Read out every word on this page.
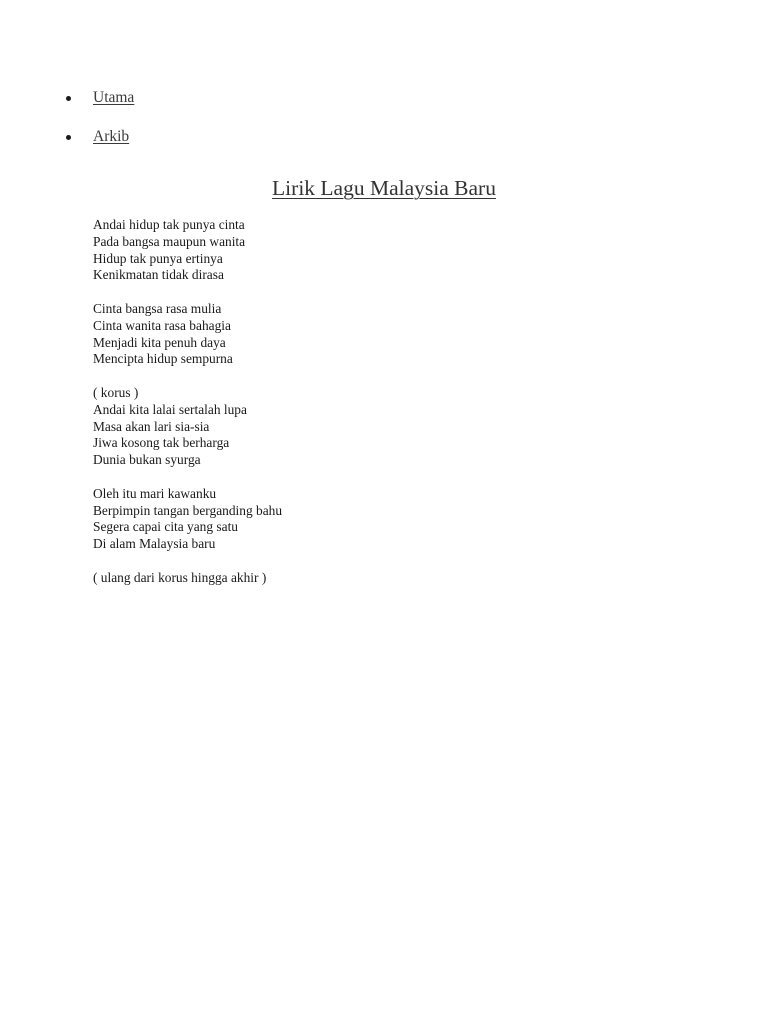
Utama
Arkib
Lirik Lagu Malaysia Baru
Andai hidup tak punya cinta
Pada bangsa maupun wanita
Hidup tak punya ertinya
Kenikmatan tidak dirasa
Cinta bangsa rasa mulia
Cinta wanita rasa bahagia
Menjadi kita penuh daya
Mencipta hidup sempurna
( korus )
Andai kita lalai sertalah lupa
Masa akan lari sia-sia
Jiwa kosong tak berharga
Dunia bukan syurga
Oleh itu mari kawanku
Berpimpin tangan berganding bahu
Segera capai cita yang satu
Di alam Malaysia baru
( ulang dari korus hingga akhir )
